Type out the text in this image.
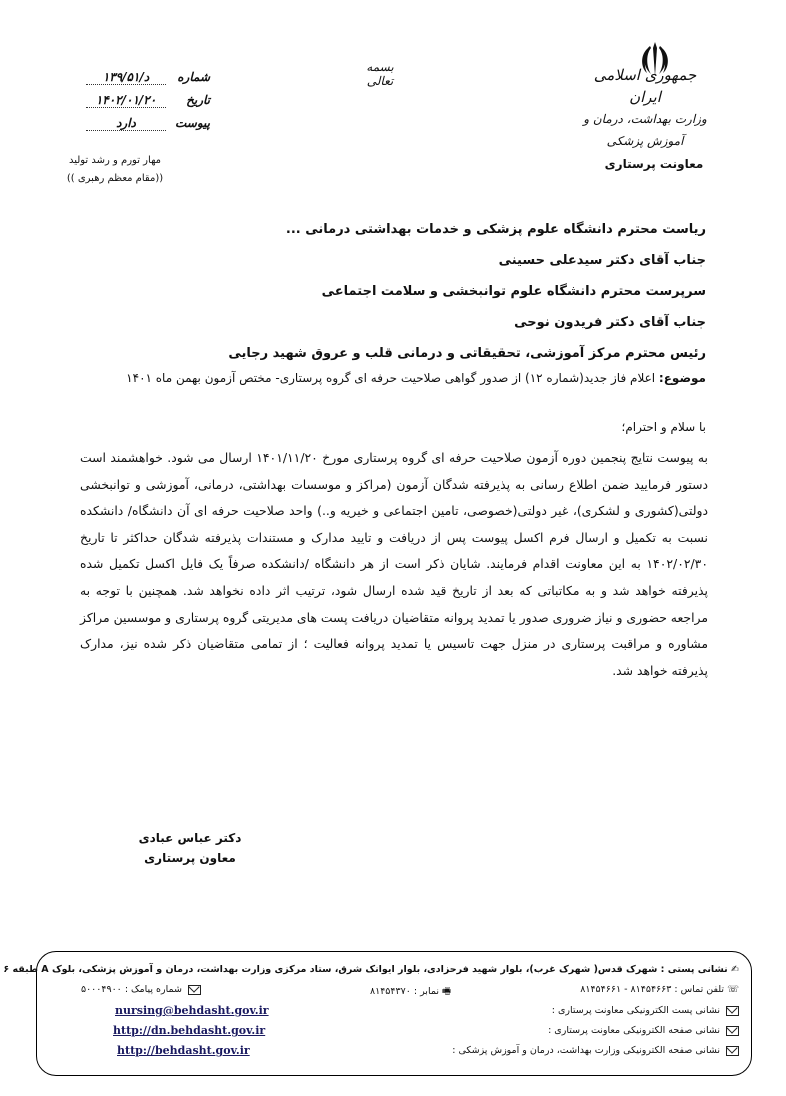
بسمه تعالی	جمهوری اسلامی ایران
وزارت بهداشت، درمان و آموزش پزشکی
معاونت پرستاری
شماره
د/۱۳۹/۵۱
تاریخ
۱۴۰۲/۰۱/۲۰
پیوست
دارد
مهار تورم و رشد تولید
((مقام معظم رهبری ))
ریاست محترم دانشگاه علوم پزشکی و خدمات بهداشتی درمانی ...
جناب آقای دکتر سیدعلی حسینی
سرپرست محترم دانشگاه علوم توانبخشی و سلامت اجتماعی
جناب آقای دکتر فریدون نوحی
رئیس محترم مرکز آموزشی، تحقیقاتی و درمانی قلب و عروق شهید رجایی
موضوع: اعلام فاز جدید(شماره ۱۲) از صدور گواهی صلاحیت حرفه ای گروه پرستاری- مختص آزمون بهمن ماه ۱۴۰۱
با سلام و احترام؛
به پیوست نتایج پنجمین دوره آزمون صلاحیت حرفه ای گروه پرستاری مورخ ۱۴۰۱/۱۱/۲۰ ارسال می شود. خواهشمند است دستور فرمایید ضمن اطلاع رسانی به پذیرفته شدگان آزمون (مراکز و موسسات بهداشتی، درمانی، آموزشی و توانبخشی دولتی(کشوری و لشکری)، غیر دولتی(خصوصی، تامین اجتماعی و خیریه و..) واحد صلاحیت حرفه ای آن دانشگاه/ دانشکده نسبت به تکمیل و ارسال فرم اکسل پیوست پس از دریافت و تایید مدارک و مستندات پذیرفته شدگان حداکثر تا تاریخ ۱۴۰۲/۰۲/۳۰ به این معاونت اقدام فرمایند. شایان ذکر است از هر دانشگاه /دانشکده صرفاً یک فایل اکسل تکمیل شده پذیرفته خواهد شد و به مکاتباتی که بعد از تاریخ قید شده ارسال شود، ترتیب اثر داده نخواهد شد. همچنین با توجه به مراجعه حضوری و نیاز ضروری صدور یا تمدید پروانه متقاضیان دریافت پست های مدیریتی گروه پرستاری و موسسین مراکز مشاوره و مراقبت پرستاری در منزل جهت تاسیس یا تمدید پروانه فعالیت ؛ از تمامی متقاضیان ذکر شده نیز، مدارک پذیرفته خواهد شد.
دکتر عباس عبادی
معاون پرستاری
✍ نشانی پستی : شهرک قدس( شهرک غرب)، بلوار شهید فرحزادی، بلوار ایوانک شرق، ستاد مرکزی وزارت بهداشت، درمان و آموزش پزشکی، بلوک A طبقه ۶
☏ تلفن تماس : ۸۱۴۵۴۶۶۳ - ۸۱۴۵۴۶۶۱
🖷 نمابر : ۸۱۴۵۴۳۷۰
شماره پیامک : ۵۰۰۰۴۹۰۰
نشانی پست الکترونیکی معاونت پرستاری :
nursing@behdasht.gov.ir
نشانی صفحه الکترونیکی معاونت پرستاری :
http://dn.behdasht.gov.ir
نشانی صفحه الکترونیکی وزارت بهداشت، درمان و آموزش پزشکی :
http://behdasht.gov.ir
